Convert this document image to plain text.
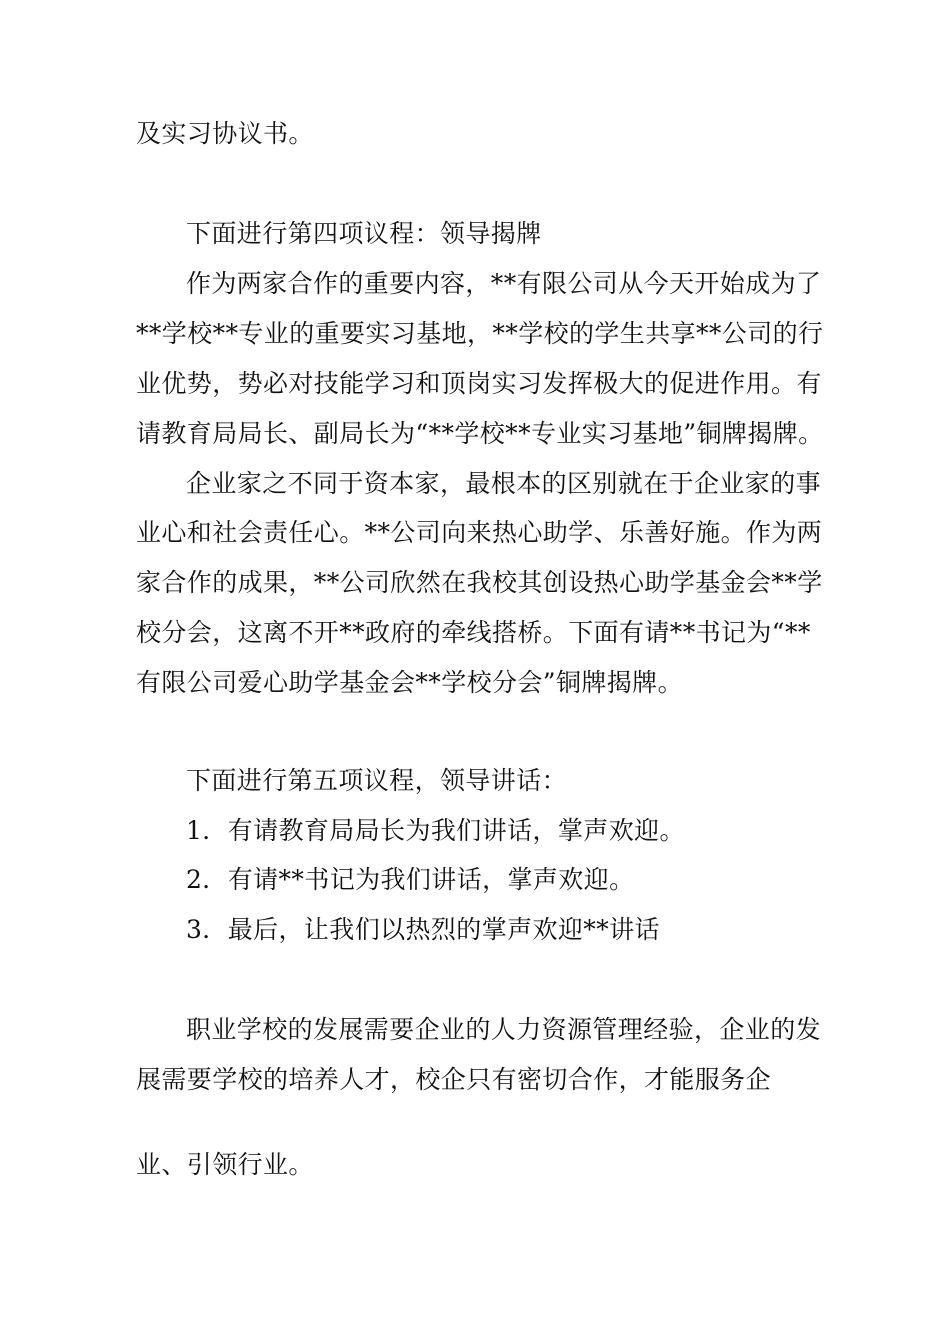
及实习协议书。
下面进行第四项议程：领导揭牌
作为两家合作的重要内容，**有限公司从今天开始成为了
**学校**专业的重要实习基地，**学校的学生共享**公司的行
业优势，势必对技能学习和顶岗实习发挥极大的促进作用。有
请教育局局长、副局长为“**学校**专业实习基地”铜牌揭牌。
企业家之不同于资本家，最根本的区别就在于企业家的事
业心和社会责任心。**公司向来热心助学、乐善好施。作为两
家合作的成果，**公司欣然在我校其创设热心助学基金会**学
校分会，这离不开**政府的牵线搭桥。下面有请**书记为“**
有限公司爱心助学基金会**学校分会”铜牌揭牌。
下面进行第五项议程，领导讲话：
1．有请教育局局长为我们讲话，掌声欢迎。
2．有请**书记为我们讲话，掌声欢迎。
3．最后，让我们以热烈的掌声欢迎**讲话
职业学校的发展需要企业的人力资源管理经验，企业的发
展需要学校的培养人才，校企只有密切合作，才能服务企
业、引领行业。
